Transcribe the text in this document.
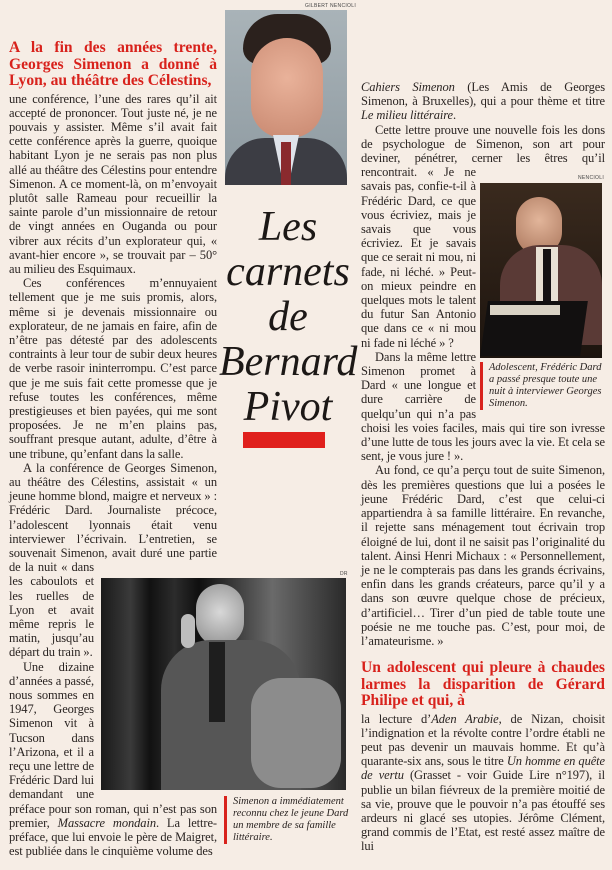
A la fin des années trente, Georges Simenon a donné à Lyon, au théâtre des Célestins,

une conférence, l’une des rares qu’il ait accepté de prononcer. Tout juste né, je ne pouvais y assister. Même s’il avait fait cette conférence après la guerre, quoique habitant Lyon je ne serais pas non plus allé au théâtre des Célestins pour entendre Simenon. A ce moment-là, on m’envoyait plutôt salle Rameau pour recueillir la sainte parole d’un missionnaire de retour de vingt années en Ouganda ou pour vibrer aux récits d’un explorateur qui, « avant-hier encore », se trouvait par – 50° au milieu des Esquimaux.

Ces conférences m’ennuyaient tellement que je me suis promis, alors, même si je devenais missionnaire ou explorateur, de ne jamais en faire, afin de n’être pas détesté par des adolescents contraints à leur tour de subir deux heures de verbe rasoir ininterrompu. C’est parce que je me suis fait cette promesse que je refuse toutes les conférences, même prestigieuses et bien payées, qui me sont proposées. Je ne m’en plains pas, souffrant presque autant, adulte, d’être à une tribune, qu’enfant dans la salle.

A la conférence de Georges Simenon, au théâtre des Célestins, assistait « un jeune homme blond, maigre et nerveux » : Frédéric Dard. Journaliste précoce, l’adolescent lyonnais était venu interviewer l’écrivain. L’entretien, se souvenait Simenon, avait duré une partie de la nuit « dans les caboulots et les ruelles de Lyon et avait même repris le matin, jusqu’au départ du train ».

Une dizaine d’années a passé, nous sommes en 1947, Georges Simenon vit à Tucson dans l’Arizona, et il a reçu une lettre de Frédéric Dard lui demandant une préface pour son roman, qui n’est pas son premier, Massacre mondain. La lettre-préface, que lui envoie le père de Maigret, est publiée dans le cinquième volume des

GILBERT NENCIOLI
Les
carnets
de
Bernard
Pivot

Cahiers Simenon (Les Amis de Georges Simenon, à Bruxelles), qui a pour thème et titre Le milieu littéraire.

Cette lettre prouve une nouvelle fois les dons de psychologue de Simenon, son art pour deviner, pénétrer, cerner les êtres qu’il rencontrait. « Je ne savais pas, confie-t-il à Frédéric Dard, ce que vous écriviez, mais je savais que vous écriviez. Et je savais que ce serait ni mou, ni fade, ni léché. » Peut-on mieux peindre en quelques mots le talent du futur San Antonio que dans ce « ni mou ni fade ni léché » ?

Dans la même lettre Simenon promet à Dard « une longue et dure carrière de quelqu’un qui n’a pas choisi les voies faciles, mais qui tire son ivresse d’une lutte de tous les jours avec la vie. Et cela se sent, je vous jure ! ».

Au fond, ce qu’a perçu tout de suite Simenon, dès les premières questions que lui a posées le jeune Frédéric Dard, c’est que celui-ci appartiendra à sa famille littéraire. En revanche, il rejette sans ménagement tout écrivain trop éloigné de lui, dont il ne saisit pas l’originalité du talent. Ainsi Henri Michaux : « Personnellement, je ne le compterais pas dans les grands écrivains, enfin dans les grands créateurs, parce qu’il y a dans son œuvre quelque chose de précieux, d’artificiel… Tirer d’un pied de table toute une poésie ne me touche pas. C’est, pour moi, de l’amateurisme. »

Un adolescent qui pleure à chaudes larmes la disparition de Gérard Philipe et qui, à

la lecture d’Aden Arabie, de Nizan, choisit l’indignation et la révolte contre l’ordre établi ne peut pas devenir un mauvais homme. Et qu’à quarante-six ans, sous le titre Un homme en quête de vertu (Grasset - voir Guide Lire n°197), il publie un bilan fiévreux de la première moitié de sa vie, prouve que le pouvoir n’a pas étouffé ses ardeurs ni glacé ses utopies. Jérôme Clément, grand commis de l’Etat, est resté assez maître de lui

NENCIOLI
Adolescent, Frédéric Dard a passé presque toute une nuit à interviewer Georges Simenon.
DR
Simenon a immédiatement reconnu chez le jeune Dard un membre de sa famille littéraire.
